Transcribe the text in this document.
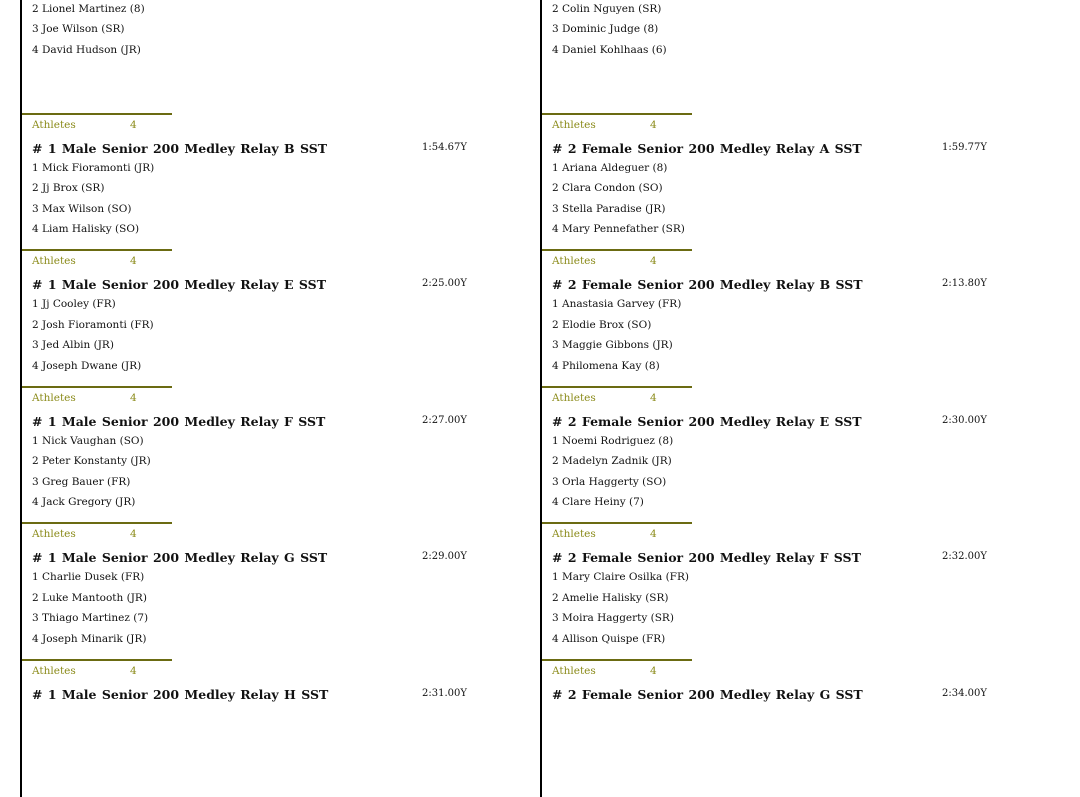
2 Lionel Martinez (8)
3 Joe Wilson (SR)
4 David Hudson (JR)
Athletes	4
# 1 Male Senior 200 Medley Relay B SST	1:54.67Y
1 Mick Fioramonti (JR)
2 Jj Brox (SR)
3 Max Wilson (SO)
4 Liam Halisky (SO)
Athletes	4
# 1 Male Senior 200 Medley Relay E SST	2:25.00Y
1 Jj Cooley (FR)
2 Josh Fioramonti (FR)
3 Jed Albin (JR)
4 Joseph Dwane (JR)
Athletes	4
# 1 Male Senior 200 Medley Relay F SST	2:27.00Y
1 Nick Vaughan (SO)
2 Peter Konstanty (JR)
3 Greg Bauer (FR)
4 Jack Gregory (JR)
Athletes	4
# 1 Male Senior 200 Medley Relay G SST	2:29.00Y
1 Charlie Dusek (FR)
2 Luke Mantooth (JR)
3 Thiago Martinez (7)
4 Joseph Minarik (JR)
Athletes	4
# 1 Male Senior 200 Medley Relay H SST	2:31.00Y
2 Colin Nguyen (SR)
3 Dominic Judge (8)
4 Daniel Kohlhaas (6)
Athletes	4
# 2 Female Senior 200 Medley Relay A SST	1:59.77Y
1 Ariana Aldeguer (8)
2 Clara Condon (SO)
3 Stella Paradise (JR)
4 Mary Pennefather (SR)
Athletes	4
# 2 Female Senior 200 Medley Relay B SST	2:13.80Y
1 Anastasia Garvey (FR)
2 Elodie Brox (SO)
3 Maggie Gibbons (JR)
4 Philomena Kay (8)
Athletes	4
# 2 Female Senior 200 Medley Relay E SST	2:30.00Y
1 Noemi Rodriguez (8)
2 Madelyn Zadnik (JR)
3 Orla Haggerty (SO)
4 Clare Heiny (7)
Athletes	4
# 2 Female Senior 200 Medley Relay F SST	2:32.00Y
1 Mary Claire Osilka (FR)
2 Amelie Halisky (SR)
3 Moira Haggerty (SR)
4 Allison Quispe (FR)
Athletes	4
# 2 Female Senior 200 Medley Relay G SST	2:34.00Y
